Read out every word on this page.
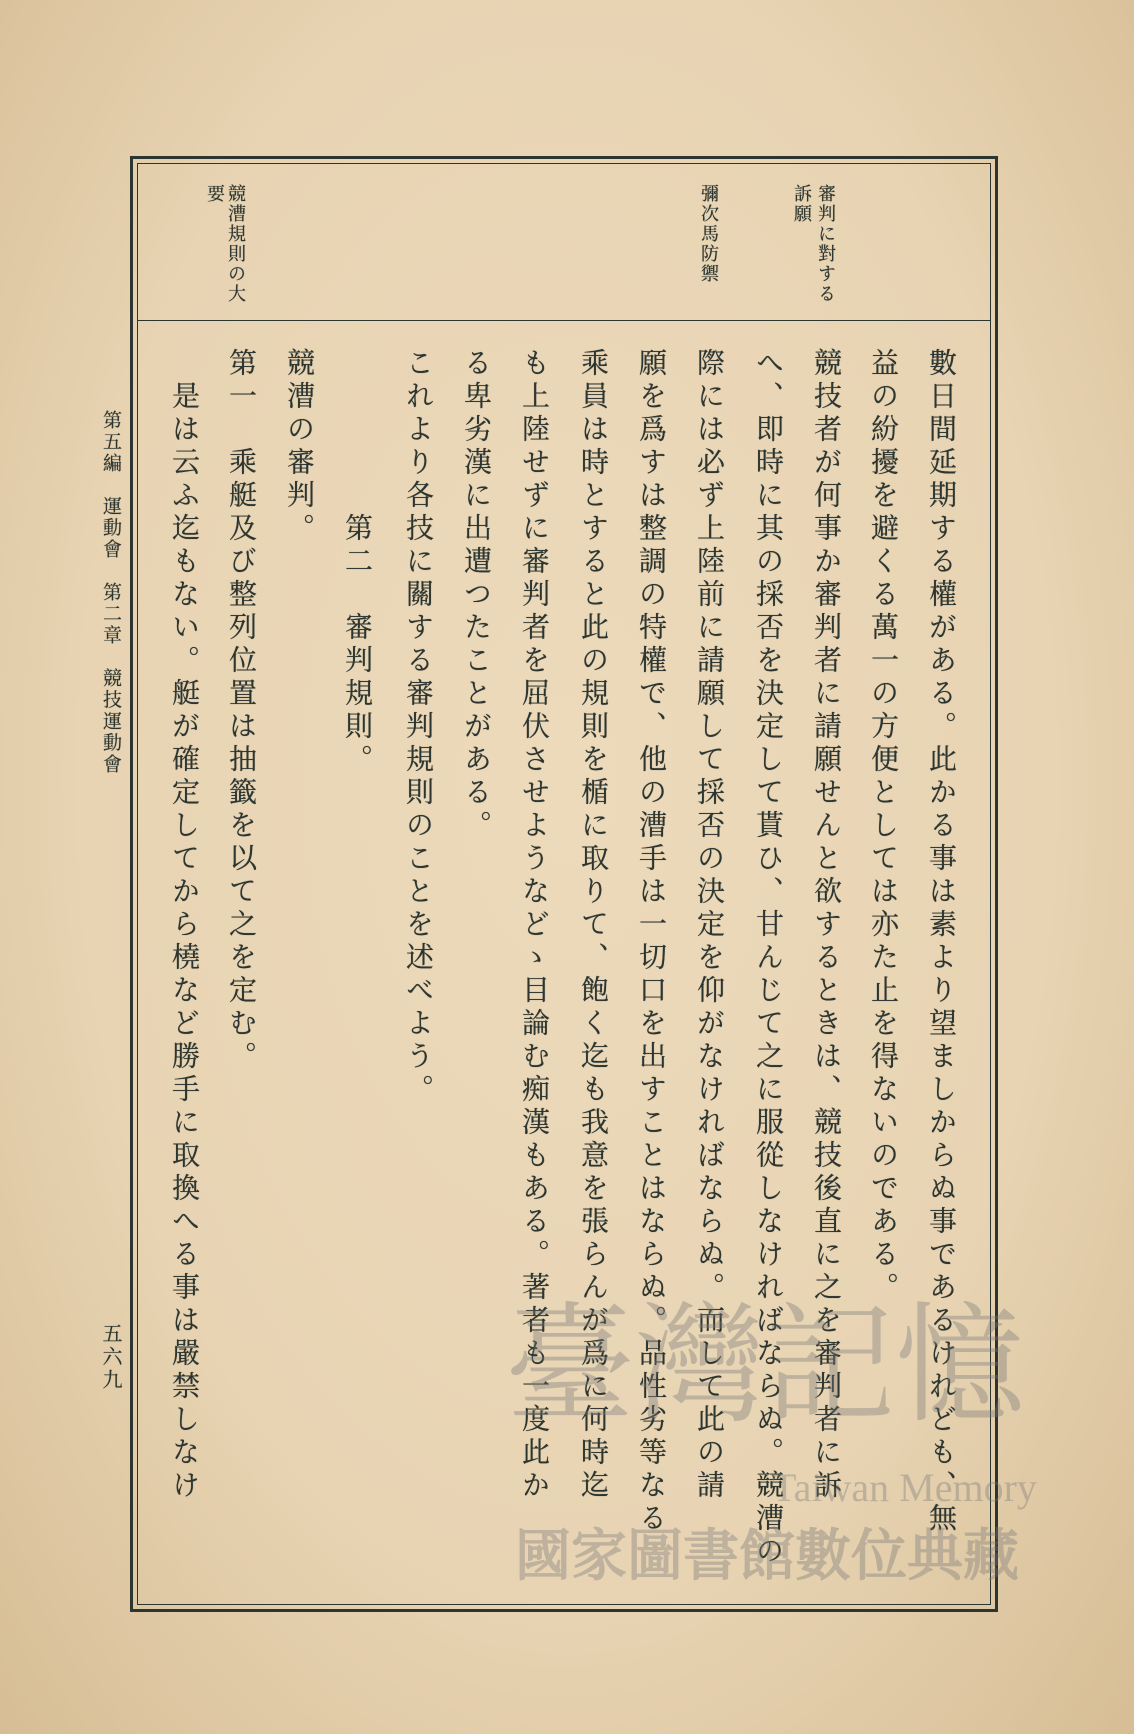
審判に對する
訴願
彌次馬防禦
競漕規則の大
要
數日間延期する權がある。此かる事は素より望ましからぬ事であるけれども、無
益の紛擾を避くる萬一の方便としては亦た止を得ないのである。
競技者が何事か審判者に請願せんと欲するときは、競技後直に之を審判者に訴
へ、即時に其の採否を決定して貰ひ、甘んじて之に服從しなければならぬ。競漕の
際には必ず上陸前に請願して採否の決定を仰がなければならぬ。而して此の請
願を爲すは整調の特權で、他の漕手は一切口を出すことはならぬ。品性劣等なる
乘員は時とすると此の規則を楯に取りて、飽く迄も我意を張らんが爲に何時迄
も上陸せずに審判者を屈伏させようなどゝ目論む痴漢もある。著者も一度此か
る卑劣漢に出遭つたことがある。
これより各技に關する審判規則のことを述べよう。
第二　審判規則。
競漕の審判。
第一　乘艇及び整列位置は抽籤を以て之を定む。
是は云ふ迄もない。艇が確定してから橈など勝手に取換へる事は嚴禁しなけ
第五編　運動會　第二章　競技運動會
五六九	臺灣記憶
Taiwan Memory
國家圖書館數位典藏
